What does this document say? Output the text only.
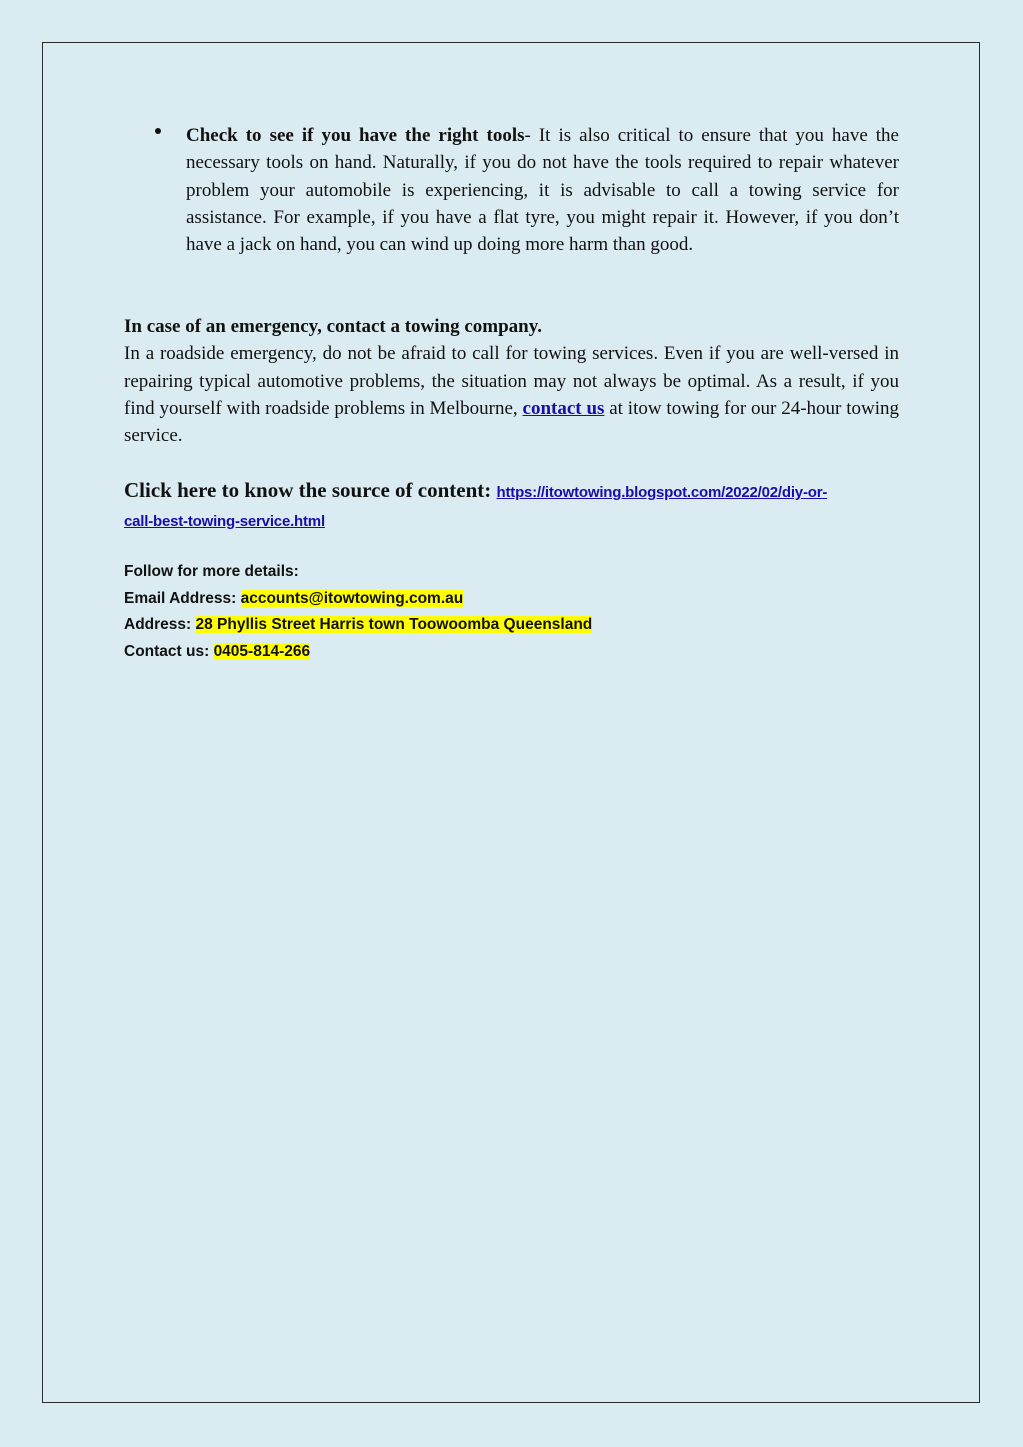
Check to see if you have the right tools- It is also critical to ensure that you have the necessary tools on hand. Naturally, if you do not have the tools required to repair whatever problem your automobile is experiencing, it is advisable to call a towing service for assistance. For example, if you have a flat tyre, you might repair it. However, if you don’t have a jack on hand, you can wind up doing more harm than good.
In case of an emergency, contact a towing company.
In a roadside emergency, do not be afraid to call for towing services. Even if you are well-versed in repairing typical automotive problems, the situation may not always be optimal. As a result, if you find yourself with roadside problems in Melbourne, contact us at itow towing for our 24-hour towing service.
Click here to know the source of content: https://itowtowing.blogspot.com/2022/02/diy-or-
call-best-towing-service.html
Follow for more details:
Email Address: accounts@itowtowing.com.au
Address: 28 Phyllis Street Harris town Toowoomba Queensland
Contact us: 0405-814-266
